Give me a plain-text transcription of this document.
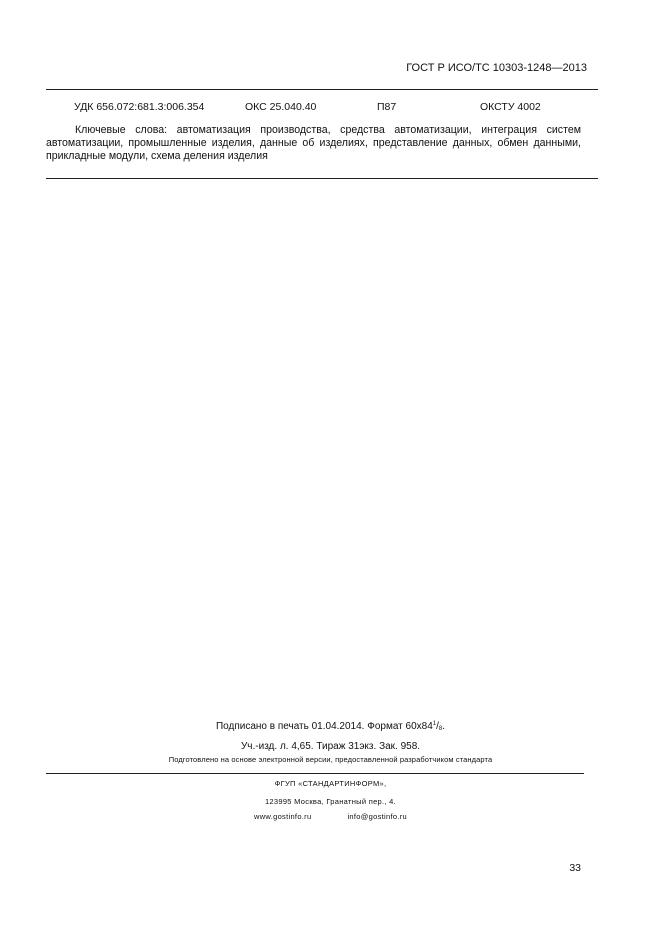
ГОСТ Р ИСО/ТС 10303-1248—2013
УДК 656.072:681.3:006.354	ОКС 25.040.40	П87	ОКСТУ 4002
Ключевые слова: автоматизация производства, средства автоматизации, интеграция систем автоматизации, промышленные изделия, данные об изделиях, представление данных, обмен данными, прикладные модули, схема деления изделия
Подписано в печать 01.04.2014. Формат $60х84^1/_8$.
Уч.-изд. л. 4,65. Тираж 31экз. Зак. 958.
Подготовлено на основе электронной версии, предоставленной разработчиком стандарта
ФГУП «СТАНДАРТИНФОРМ»,
123995 Москва, Гранатный пер., 4.
www.gostinfo.ru	info@gostinfo.ru
33
